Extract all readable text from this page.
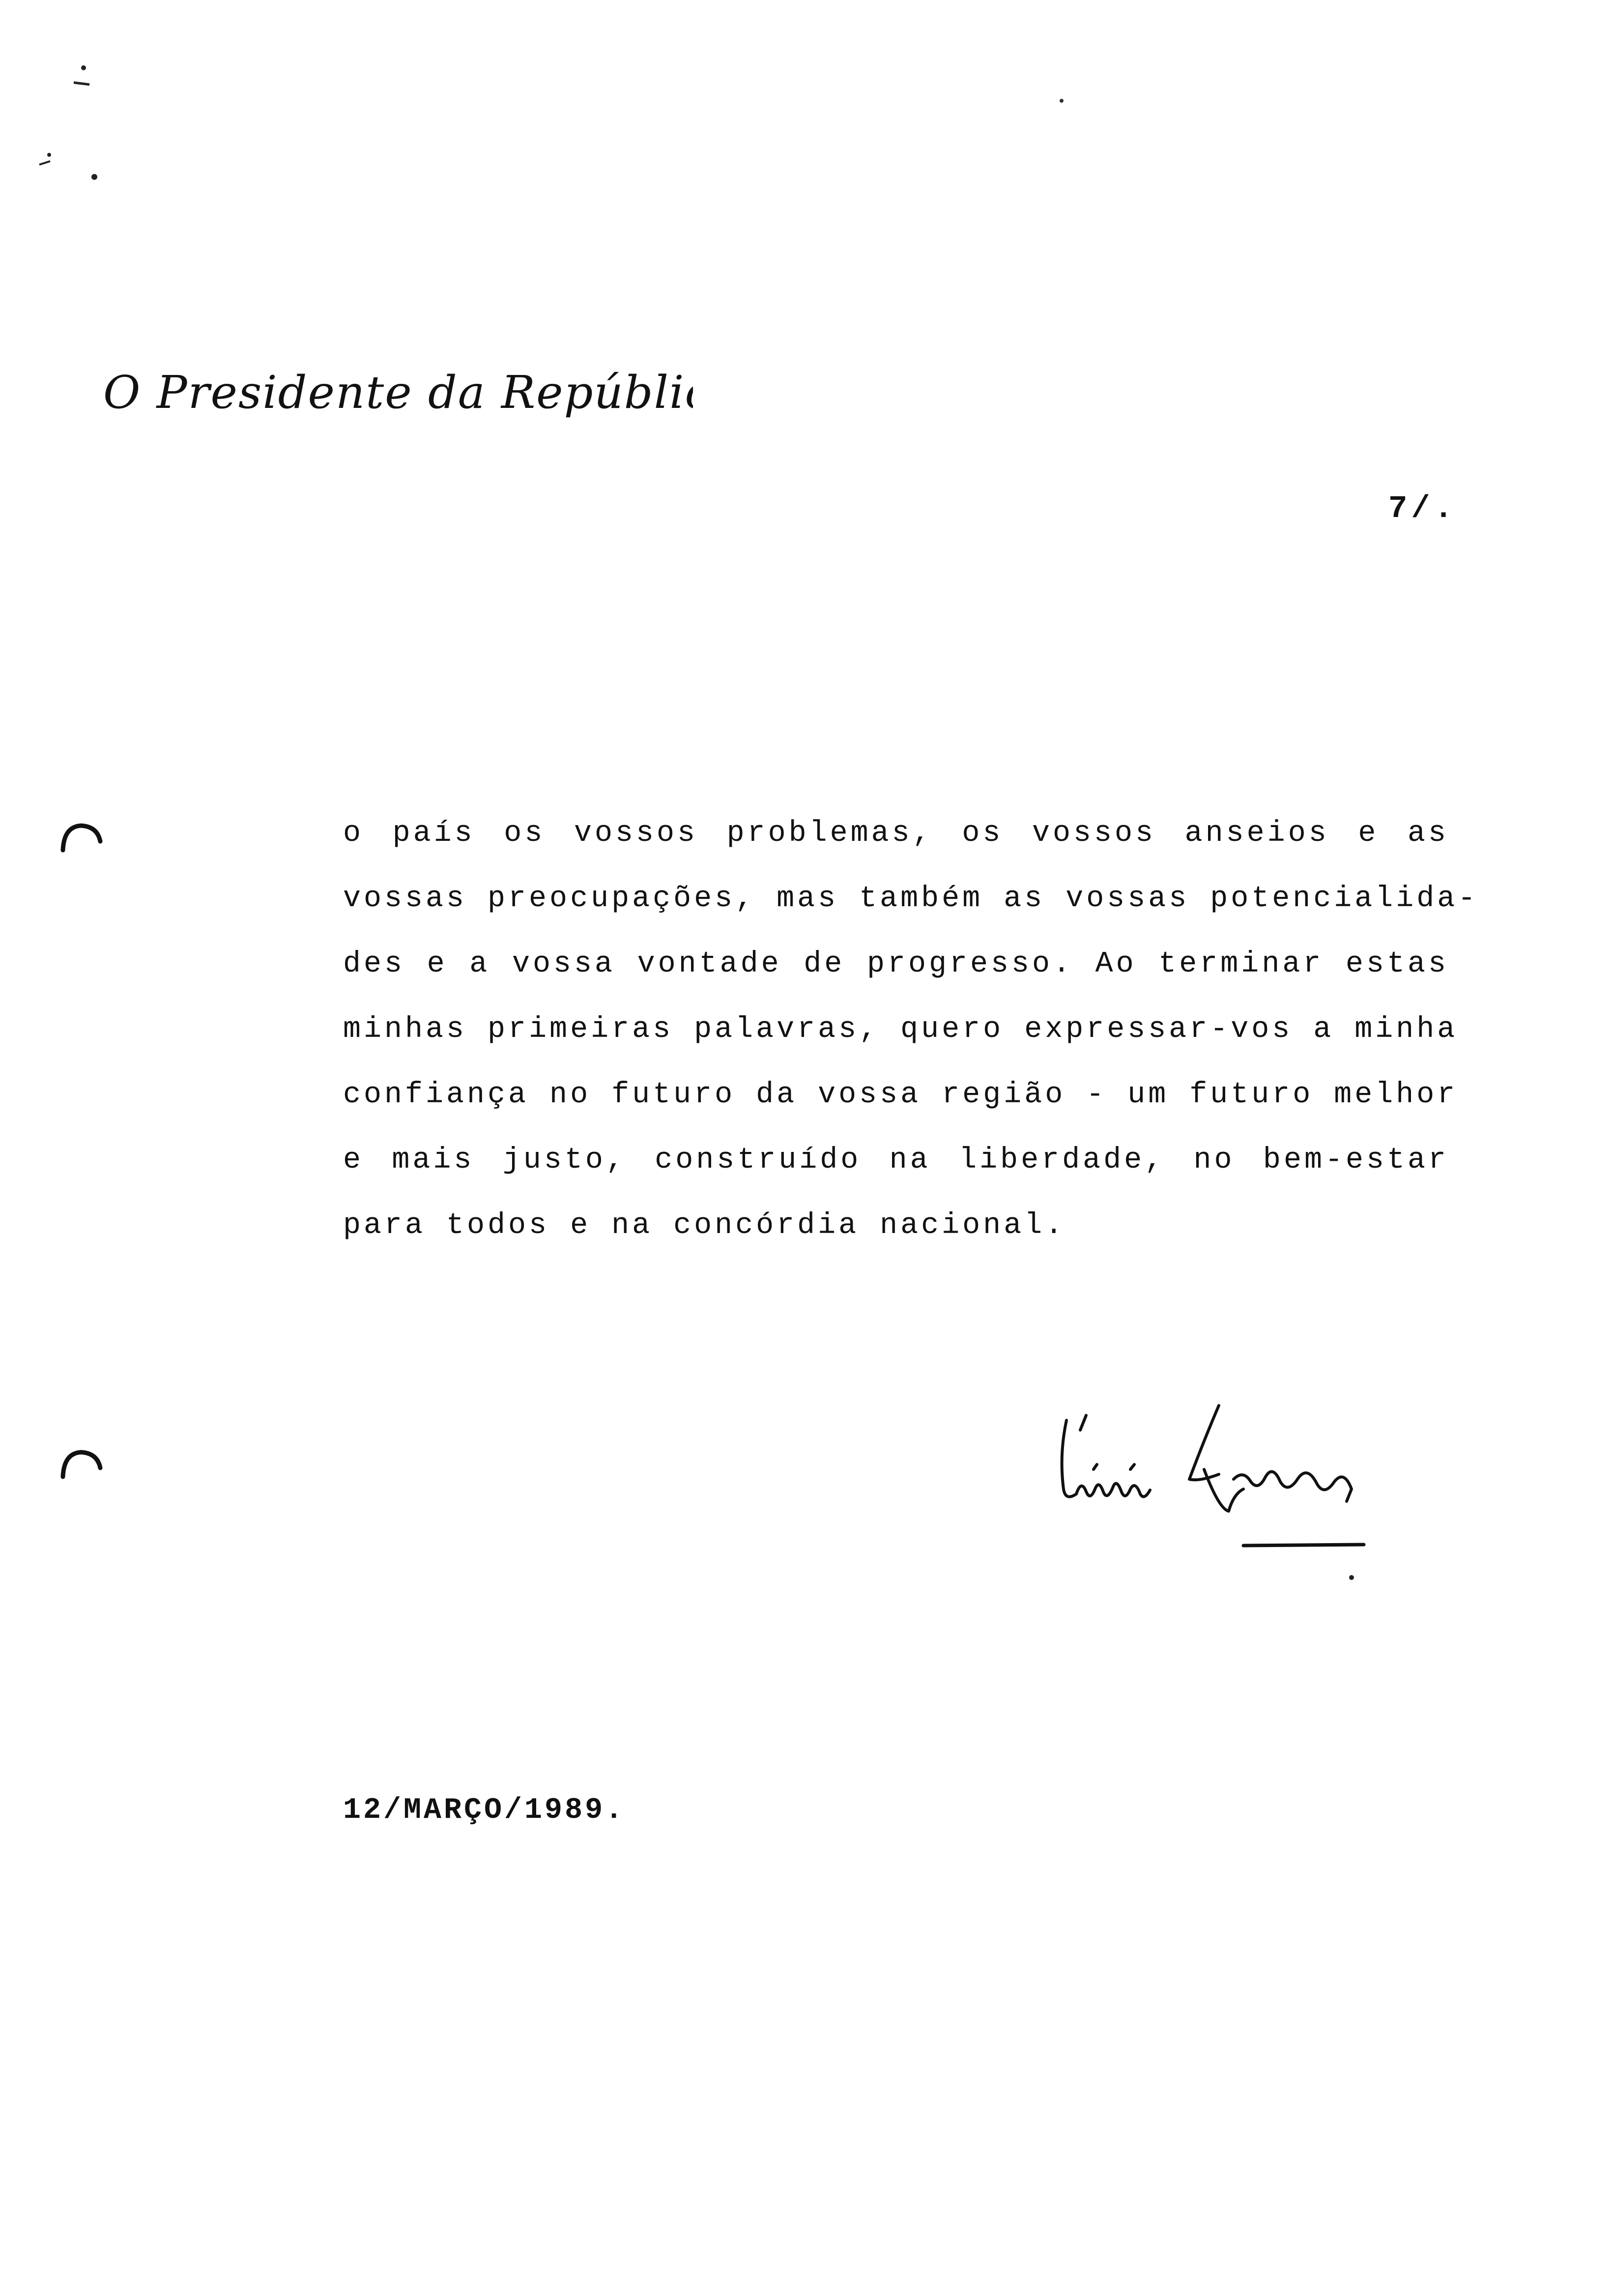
O Presidente da República
7/.
o país os vossos problemas, os vossos anseios e as
vossas preocupações, mas também as vossas potencialida-
des e a vossa vontade de progresso. Ao terminar estas
minhas primeiras palavras, quero expressar-vos a minha
confiança no futuro da vossa região - um futuro melhor
e mais justo, construído na liberdade, no bem-estar
para todos e na concórdia nacional.
12/MARÇO/1989.
